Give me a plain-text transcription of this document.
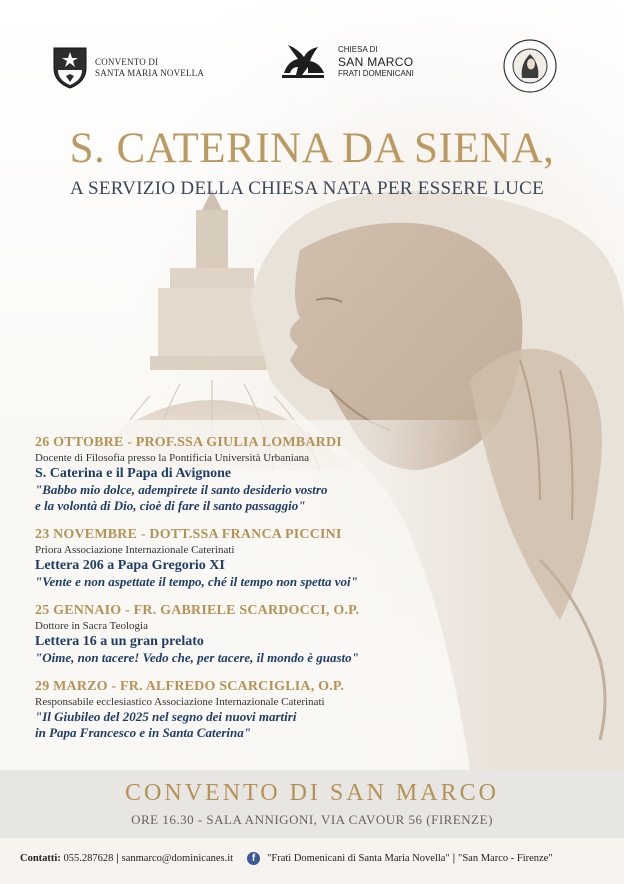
CONVENTO DI
SANTA MARIA NOVELLA
CHIESA DI
SAN MARCO
FRATI DOMENICANI
S. CATERINA DA SIENA,
A SERVIZIO DELLA CHIESA NATA PER ESSERE LUCE
26 OTTOBRE - PROF.SSA GIULIA LOMBARDI
Docente di Filosofia presso la Pontificia Università Urbaniana
S. Caterina e il Papa di Avignone
"Babbo mio dolce, adempirete il santo desiderio vostro
e la volontà di Dio, cioè di fare il santo passaggio"
23 NOVEMBRE - DOTT.SSA FRANCA PICCINI
Priora Associazione Internazionale Caterinati
Lettera 206 a Papa Gregorio XI
"Vente e non aspettate il tempo, ché il tempo non spetta voi"
25 GENNAIO - FR. GABRIELE SCARDOCCI, O.P.
Dottore in Sacra Teologia
Lettera 16 a un gran prelato
"Oime, non tacere! Vedo che, per tacere, il mondo è guasto"
29 MARZO - FR. ALFREDO SCARCIGLIA, O.P.
Responsabile ecclesiastico Associazione Internazionale Caterinati
"Il Giubileo del 2025 nel segno dei nuovi martiri
in Papa Francesco e in Santa Caterina"
CONVENTO DI SAN MARCO
ORE 16.30 - SALA ANNIGONI, VIA CAVOUR 56 (FIRENZE)
Contatti:
055.287628 | sanmarco@dominicanes.it	f	"Frati Domenicani di Santa Maria Novella" | "San Marco - Firenze"
